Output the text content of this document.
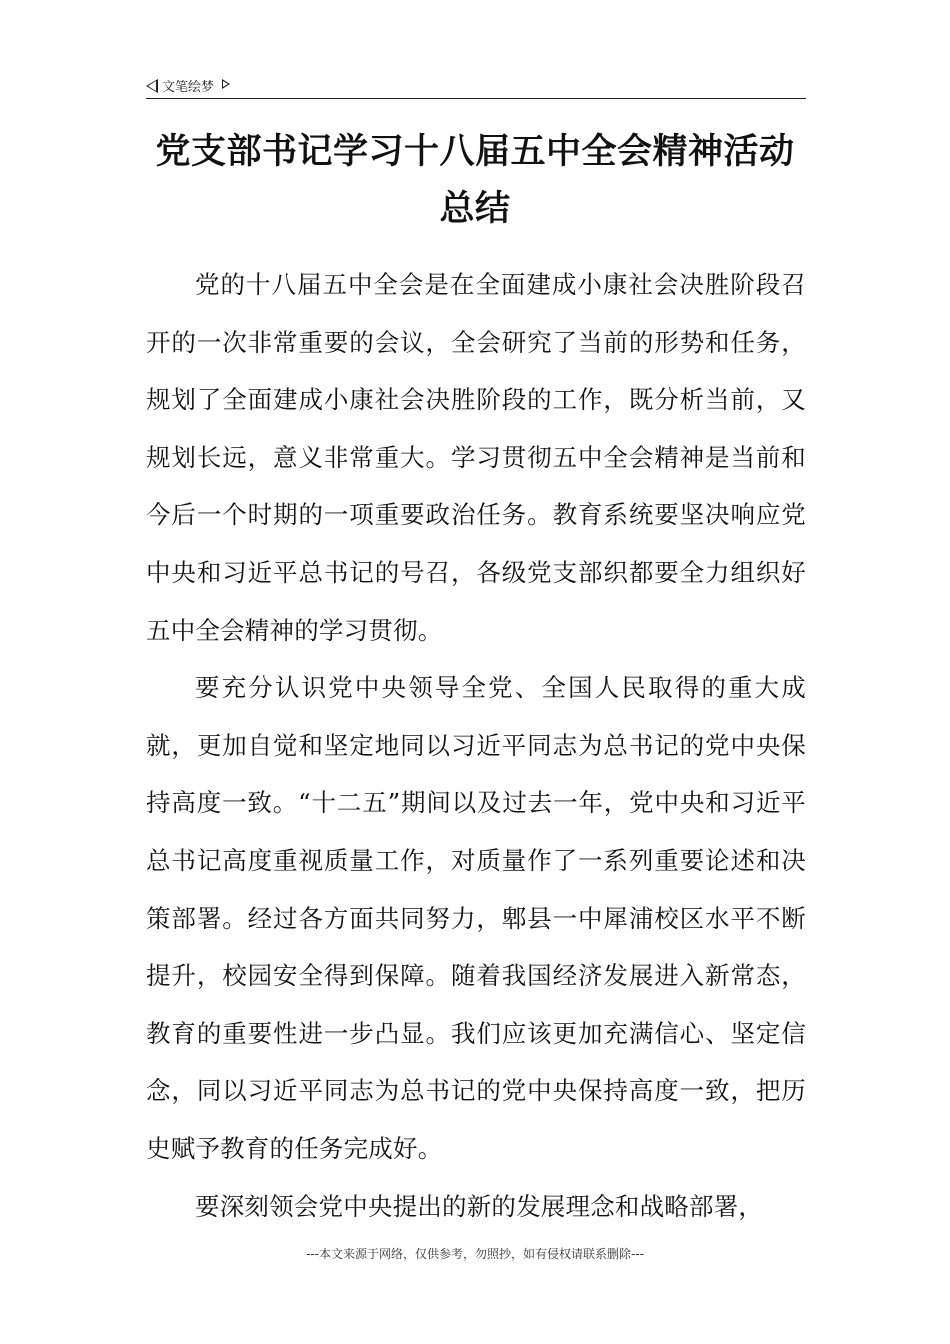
文笔绘梦
党支部书记学习十八届五中全会精神活动总结

党的十八届五中全会是在全面建成小康社会决胜阶段召开的一次非常重要的会议，全会研究了当前的形势和任务，规划了全面建成小康社会决胜阶段的工作，既分析当前，又规划长远，意义非常重大。学习贯彻五中全会精神是当前和今后一个时期的一项重要政治任务。教育系统要坚决响应党中央和习近平总书记的号召，各级党支部织都要全力组织好五中全会精神的学习贯彻。

要充分认识党中央领导全党、全国人民取得的重大成就，更加自觉和坚定地同以习近平同志为总书记的党中央保持高度一致。“十二五”期间以及过去一年，党中央和习近平总书记高度重视质量工作，对质量作了一系列重要论述和决策部署。经过各方面共同努力，郫县一中犀浦校区水平不断提升，校园安全得到保障。随着我国经济发展进入新常态，教育的重要性进一步凸显。我们应该更加充满信心、坚定信念，同以习近平同志为总书记的党中央保持高度一致，把历史赋予教育的任务完成好。

要深刻领会党中央提出的新的发展理念和战略部署，

---本文来源于网络，仅供参考，勿照抄，如有侵权请联系删除---
